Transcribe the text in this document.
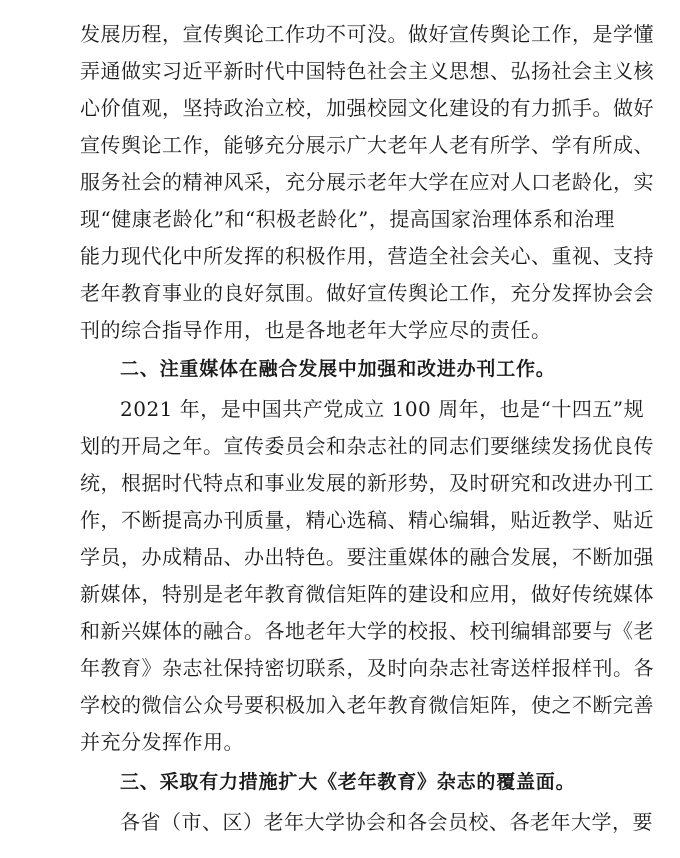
发展历程，宣传舆论工作功不可没。做好宣传舆论工作，是学懂
弄通做实习近平新时代中国特色社会主义思想、弘扬社会主义核
心价值观，坚持政治立校，加强校园文化建设的有力抓手。做好
宣传舆论工作，能够充分展示广大老年人老有所学、学有所成、
服务社会的精神风采，充分展示老年大学在应对人口老龄化，实
现“健康老龄化”和“积极老龄化”，提高国家治理体系和治理
能力现代化中所发挥的积极作用，营造全社会关心、重视、支持
老年教育事业的良好氛围。做好宣传舆论工作，充分发挥协会会
刊的综合指导作用，也是各地老年大学应尽的责任。
二、注重媒体在融合发展中加强和改进办刊工作。
2021 年，是中国共产党成立 100 周年，也是“十四五”规
划的开局之年。宣传委员会和杂志社的同志们要继续发扬优良传
统，根据时代特点和事业发展的新形势，及时研究和改进办刊工
作，不断提高办刊质量，精心选稿、精心编辑，贴近教学、贴近
学员，办成精品、办出特色。要注重媒体的融合发展，不断加强
新媒体，特别是老年教育微信矩阵的建设和应用，做好传统媒体
和新兴媒体的融合。各地老年大学的校报、校刊编辑部要与《老
年教育》杂志社保持密切联系，及时向杂志社寄送样报样刊。各
学校的微信公众号要积极加入老年教育微信矩阵，使之不断完善
并充分发挥作用。
三、采取有力措施扩大《老年教育》杂志的覆盖面。
各省（市、区）老年大学协会和各会员校、各老年大学，要
